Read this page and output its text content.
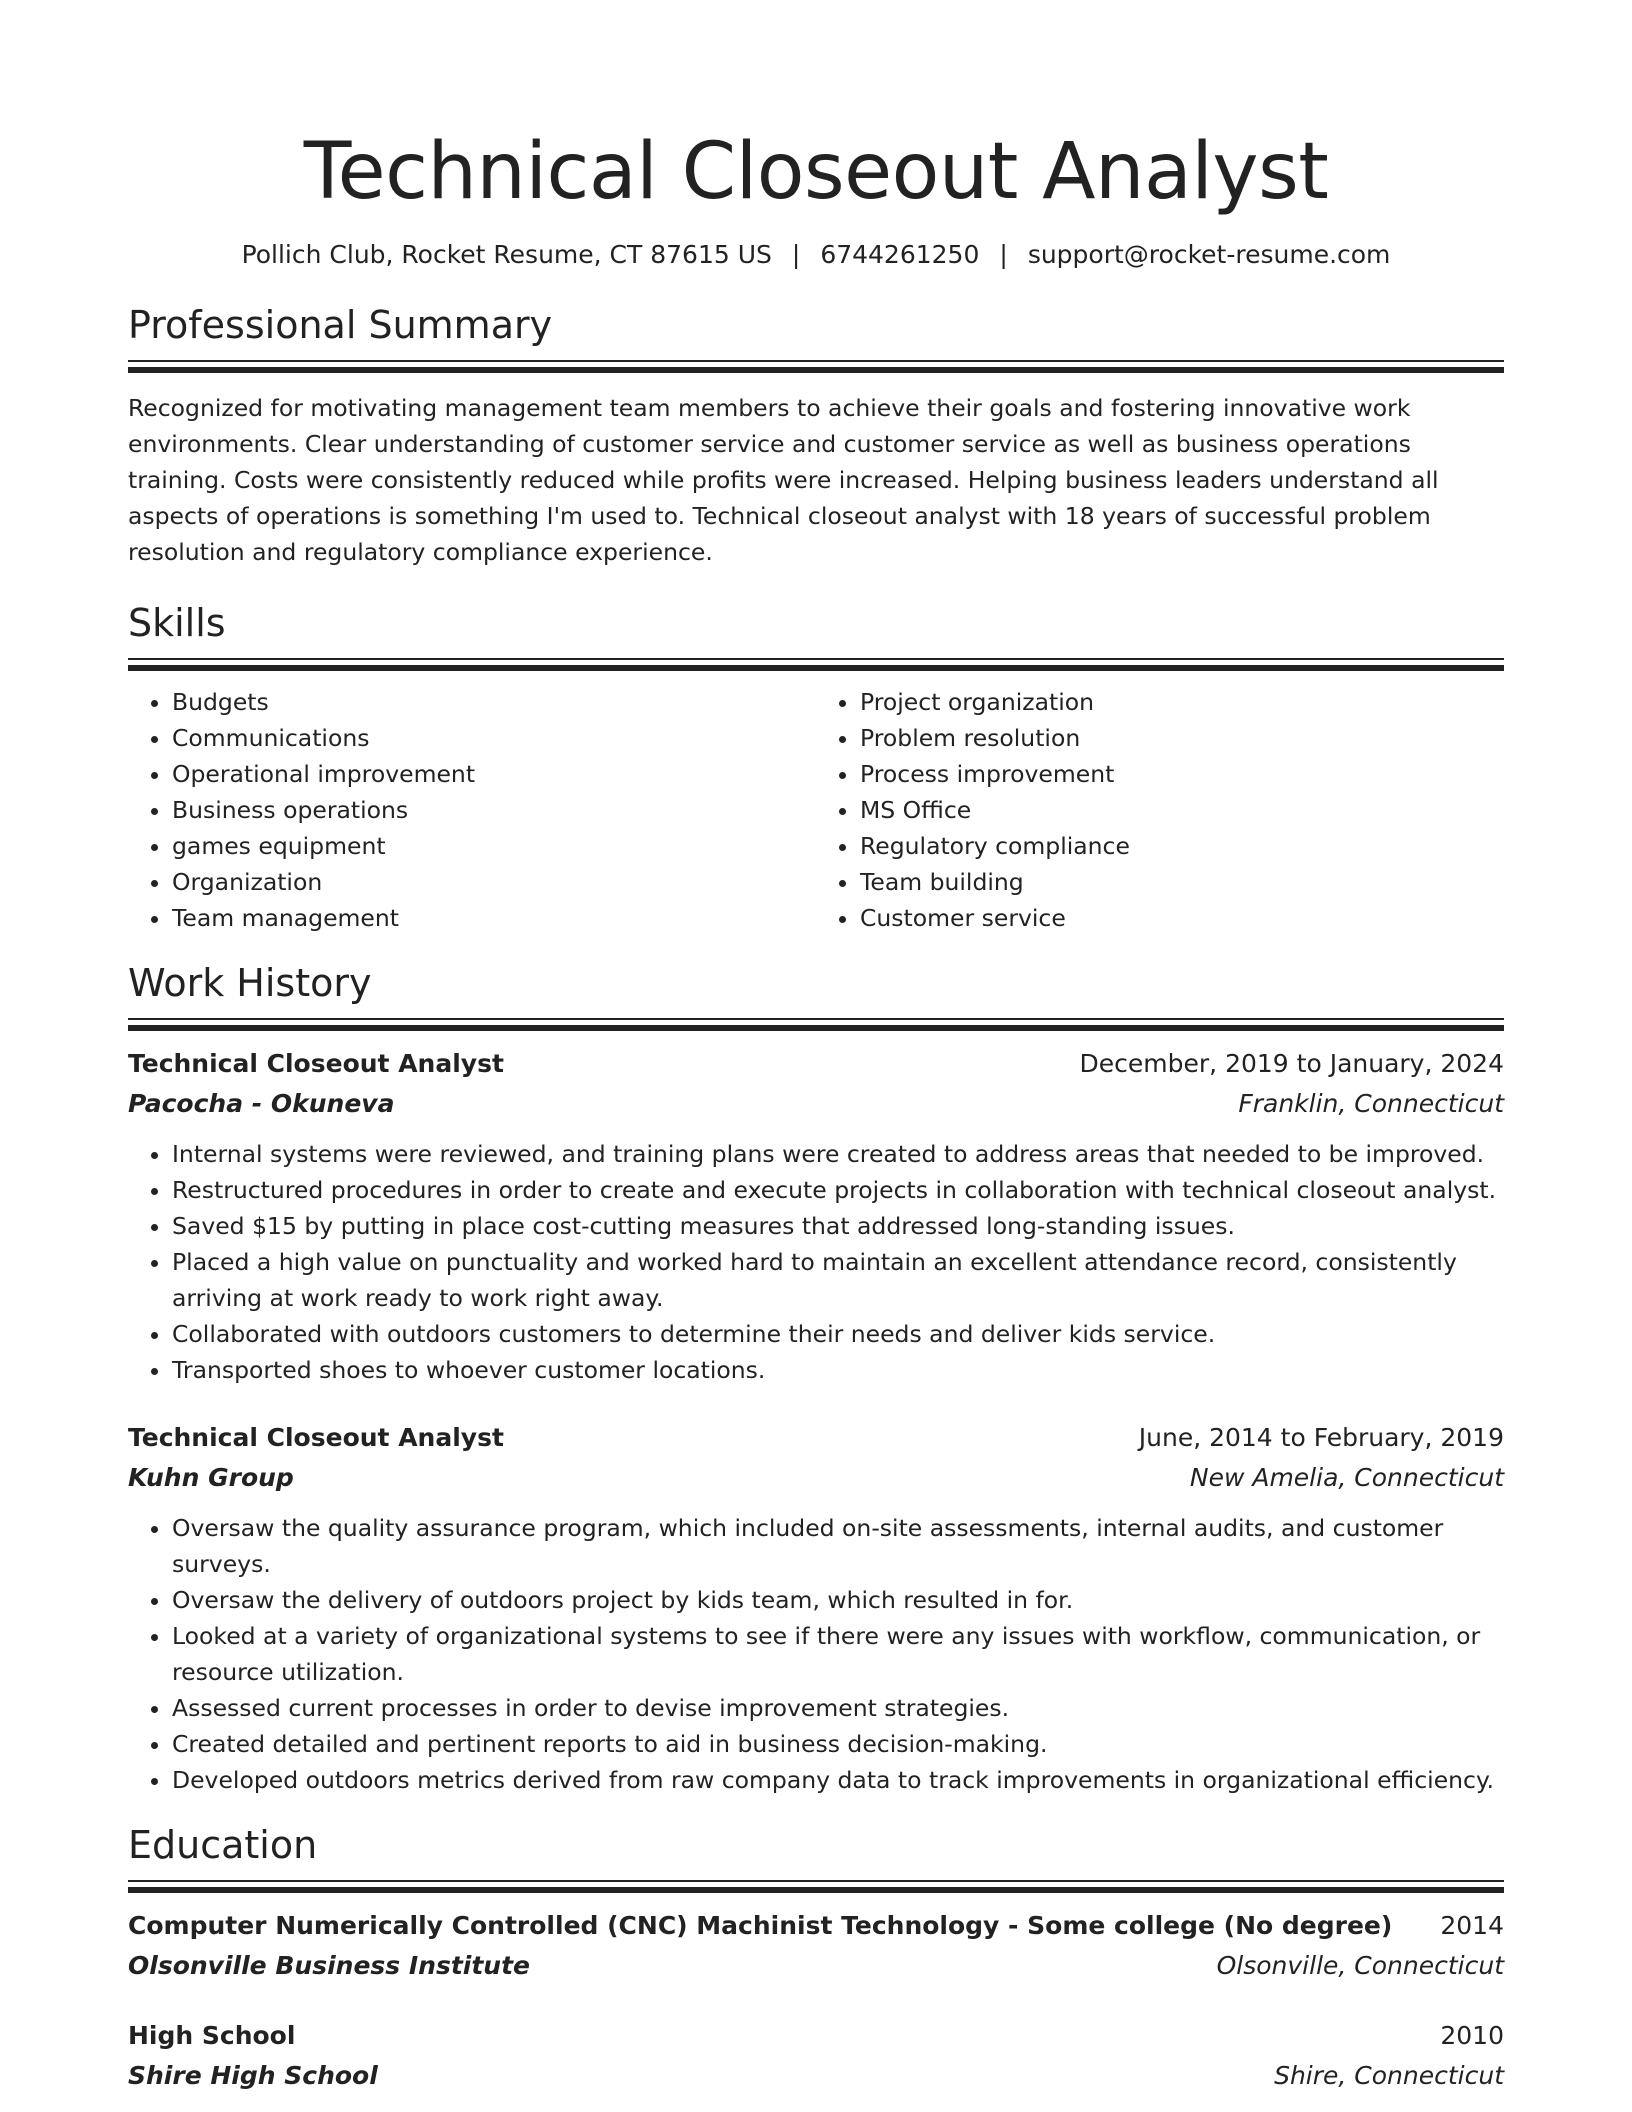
Technical Closeout Analyst
Pollich Club, Rocket Resume, CT 87615 US | 6744261250 | support@rocket-resume.com
Professional Summary

Recognized for motivating management team members to achieve their goals and fostering innovative work environments. Clear understanding of customer service and customer service as well as business operations training. Costs were consistently reduced while profits were increased. Helping business leaders understand all aspects of operations is something I'm used to. Technical closeout analyst with 18 years of successful problem resolution and regulatory compliance experience.

Skills
• Budgets
• Communications
• Operational improvement
• Business operations
• games equipment
• Organization
• Team management
• Project organization
• Problem resolution
• Process improvement
• MS Office
• Regulatory compliance
• Team building
• Customer service
Work History
Technical Closeout Analyst	December, 2019 to January, 2024
Pacocha - Okuneva	Franklin, Connecticut
• Internal systems were reviewed, and training plans were created to address areas that needed to be improved.
• Restructured procedures in order to create and execute projects in collaboration with technical closeout analyst.
• Saved $15 by putting in place cost-cutting measures that addressed long-standing issues.
• Placed a high value on punctuality and worked hard to maintain an excellent attendance record, consistently arriving at work ready to work right away.
• Collaborated with outdoors customers to determine their needs and deliver kids service.
• Transported shoes to whoever customer locations.
Technical Closeout Analyst	June, 2014 to February, 2019
Kuhn Group	New Amelia, Connecticut
• Oversaw the quality assurance program, which included on-site assessments, internal audits, and customer surveys.
• Oversaw the delivery of outdoors project by kids team, which resulted in for.
• Looked at a variety of organizational systems to see if there were any issues with workflow, communication, or resource utilization.
• Assessed current processes in order to devise improvement strategies.
• Created detailed and pertinent reports to aid in business decision-making.
• Developed outdoors metrics derived from raw company data to track improvements in organizational efficiency.
Education
Computer Numerically Controlled (CNC) Machinist Technology - Some college (No degree) 2014
Olsonville Business Institute	Olsonville, Connecticut
High School	2010
Shire High School	Shire, Connecticut
